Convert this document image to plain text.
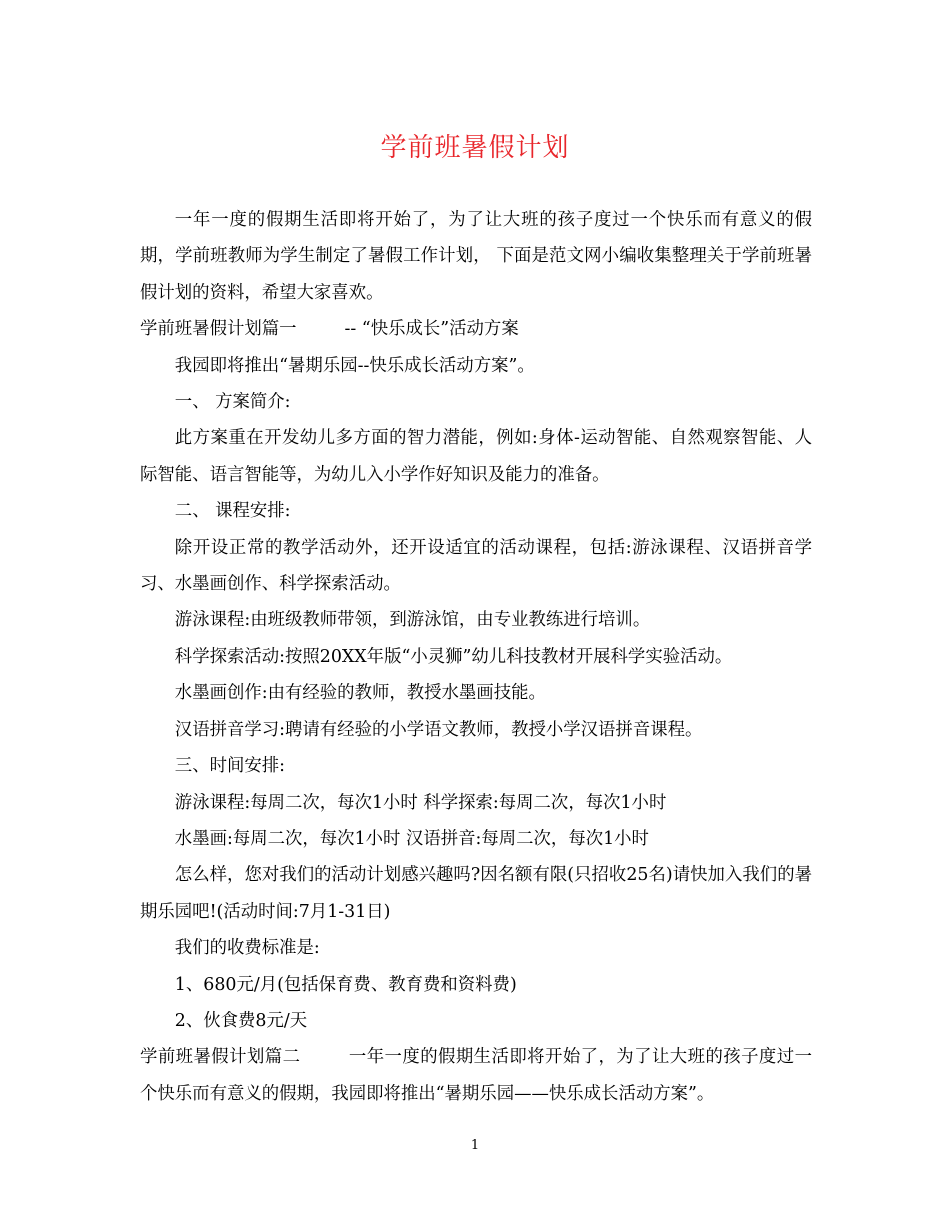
学前班暑假计划

一年一度的假期生活即将开始了，为了让大班的孩子度过一个快乐而有意义的假期，学前班教师为学生制定了暑假工作计划， 下面是范文网小编收集整理关于学前班暑假计划的资料，希望大家喜欢。

学前班暑假计划篇一	-- “快乐成长”活动方案

我园即将推出“暑期乐园--快乐成长活动方案”。

一、 方案简介:

此方案重在开发幼儿多方面的智力潜能，例如:身体-运动智能、自然观察智能、人际智能、语言智能等，为幼儿入小学作好知识及能力的准备。

二、 课程安排:

除开设正常的教学活动外，还开设适宜的活动课程，包括:游泳课程、汉语拼音学习、水墨画创作、科学探索活动。

游泳课程:由班级教师带领，到游泳馆，由专业教练进行培训。

科学探索活动:按照20XX年版“小灵狮”幼儿科技教材开展科学实验活动。

水墨画创作:由有经验的教师，教授水墨画技能。

汉语拼音学习:聘请有经验的小学语文教师，教授小学汉语拼音课程。

三、时间安排:

游泳课程:每周二次，每次1小时 科学探索:每周二次，每次1小时

水墨画:每周二次，每次1小时 汉语拼音:每周二次，每次1小时

怎么样，您对我们的活动计划感兴趣吗?因名额有限(只招收25名)请快加入我们的暑期乐园吧!(活动时间:7月1-31日)

我们的收费标准是:

1、680元/月(包括保育费、教育费和资料费)

2、伙食费8元/天

学前班暑假计划篇二	一年一度的假期生活即将开始了，为了让大班的孩子度过一个快乐而有意义的假期，我园即将推出“暑期乐园——快乐成长活动方案”。

1
